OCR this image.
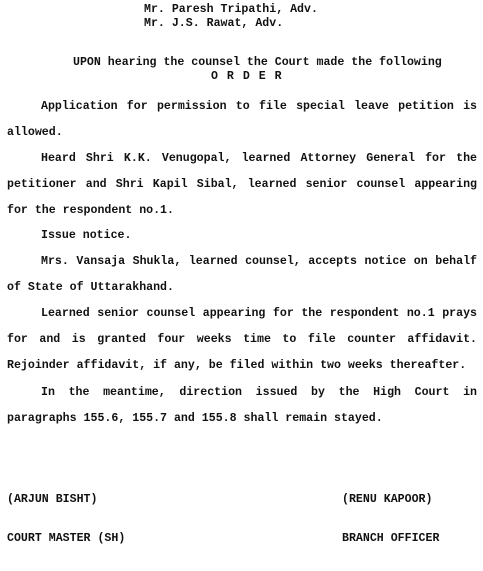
Mr. Paresh Tripathi, Adv.
Mr. J.S. Rawat, Adv.
UPON hearing the counsel the Court made the following
O R D E R

Application for permission to file special leave petition is allowed.

Heard Shri K.K. Venugopal, learned Attorney General for the petitioner and Shri Kapil Sibal, learned senior counsel appearing for the respondent no.1.

Issue notice.

Mrs. Vansaja Shukla, learned counsel, accepts notice on behalf of State of Uttarakhand.

Learned senior counsel appearing for the respondent no.1 prays for and is granted four weeks time to file counter affidavit. Rejoinder affidavit, if any, be filed within two weeks thereafter.

In the meantime, direction issued by the High Court in paragraphs 155.6, 155.7 and 155.8 shall remain stayed.

(ARJUN BISHT)

COURT MASTER (SH)

(RENU KAPOOR)

BRANCH OFFICER
